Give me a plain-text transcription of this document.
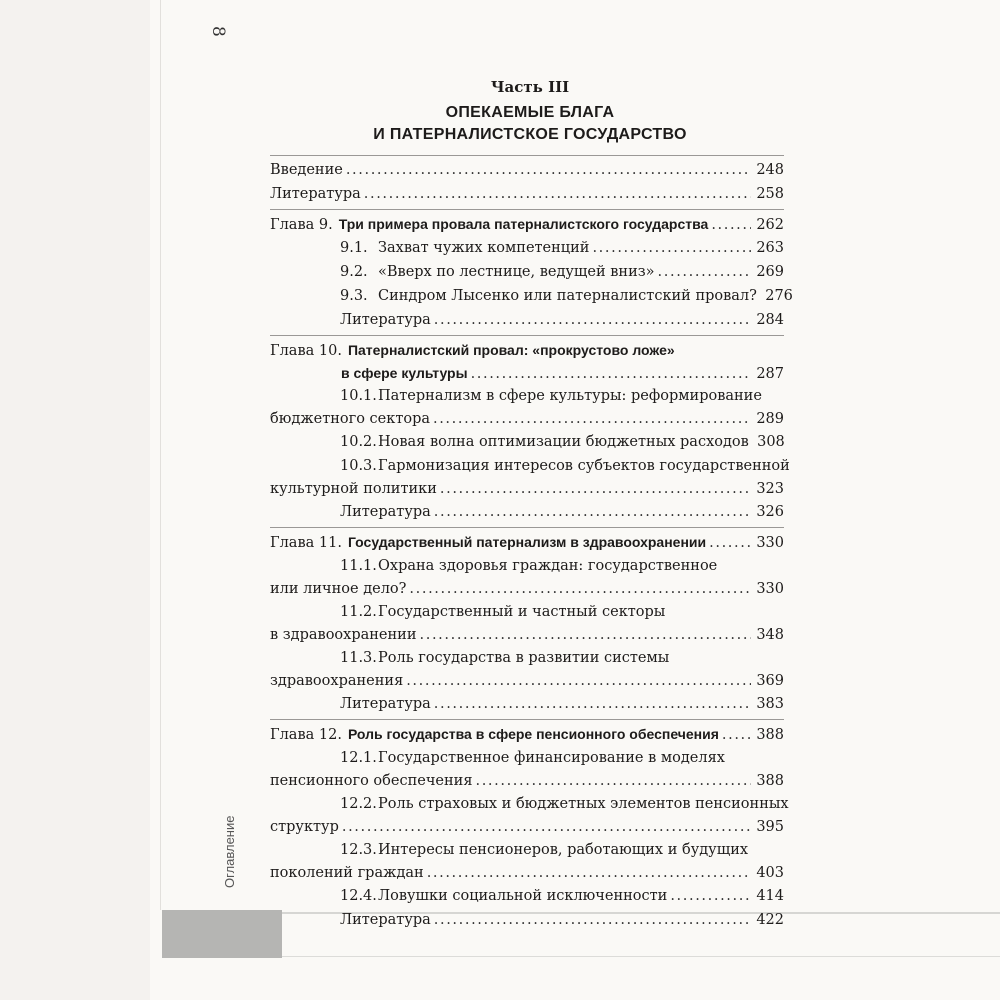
8
Оглавление
Часть III
ОПЕКАЕМЫЕ БЛАГА
И ПАТЕРНАЛИСТСКОЕ ГОСУДАРСТВО
Введение . . .	248
Литература . . .	258
Глава 9. Три примера провала патерналистского государства . . .	262
9.1. Захват чужих компетенций . . .	263
9.2. «Вверх по лестнице, ведущей вниз» . . .	269
9.3. Синдром Лысенко или патерналистский провал? 276
Литература . . .	284
Глава 10. Патерналистский провал: «прокрустово ложе»
в сфере культуры . . .	287
10.1. Патернализм в сфере культуры: реформирование
бюджетного сектора . . .	289
10.2. Новая волна оптимизации бюджетных расходов 308
10.3. Гармонизация интересов субъектов государственной
культурной политики . . .	323
Литература . . .	326
Глава 11. Государственный патернализм в здравоохранении . . .	330
11.1. Охрана здоровья граждан: государственное
или личное дело? . . .	330
11.2. Государственный и частный секторы
в здравоохранении . . .	348
11.3. Роль государства в развитии системы
здравоохранения . . .	369
Литература . . .	383
Глава 12. Роль государства в сфере пенсионного обеспечения . . .	388
12.1. Государственное финансирование в моделях
пенсионного обеспечения . . .	388
12.2. Роль страховых и бюджетных элементов пенсионных
структур . . .	395
12.3. Интересы пенсионеров, работающих и будущих
поколений граждан . . .	403
12.4. Ловушки социальной исключенности . . .	414
Литература . . .	422
